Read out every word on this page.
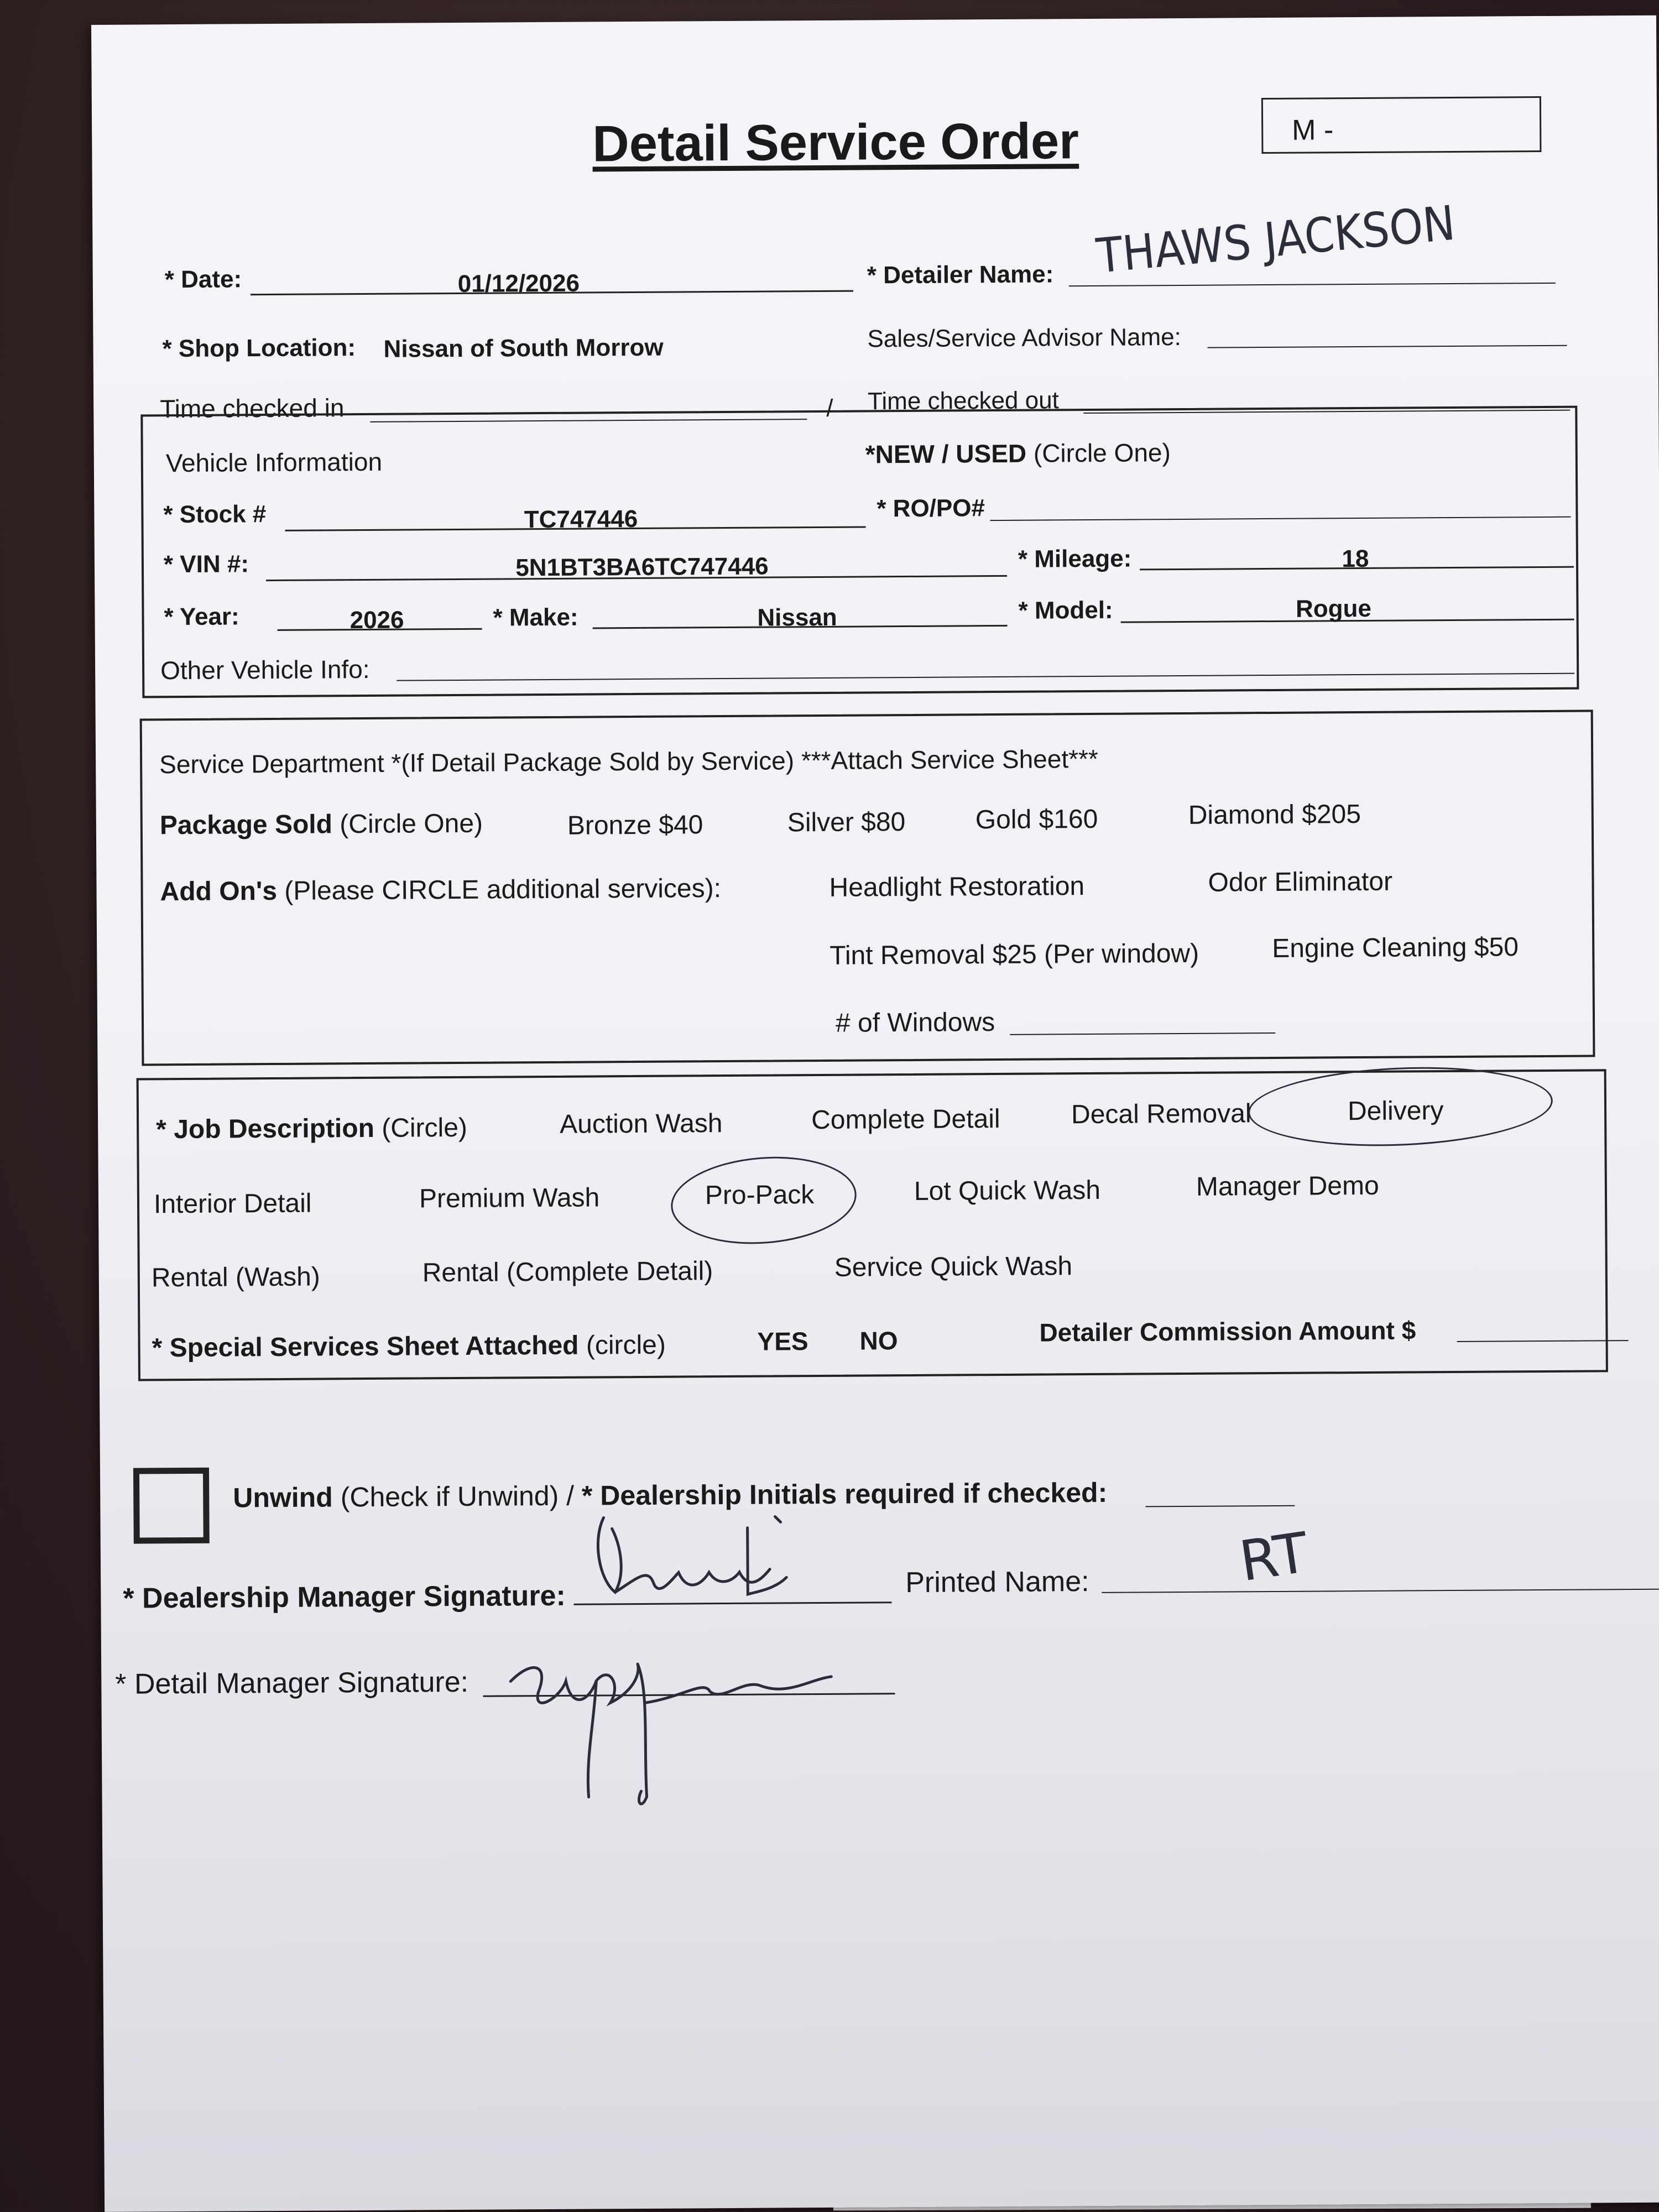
Detail Service Order	M -
* Date:	01/12/2026	* Detailer Name: THAWS JACKSON
* Shop Location: Nissan of South Morrow	Sales/Service Advisor Name:
Time checked in	/ Time checked out
Vehicle Information	*NEW / USED (Circle One)
* Stock #	TC747446	* RO/PO#
* VIN #:	5N1BT3BA6TC747446	* Mileage:	18
* Year:	2026	* Make:	Nissan	* Model:	Rogue
Other Vehicle Info:
Service Department *(If Detail Package Sold by Service) ***Attach Service Sheet***
Package Sold (Circle One)	Bronze $40	Silver $80	Gold $160	Diamond $205
Add On's (Please CIRCLE additional services):	Headlight Restoration	Odor Eliminator
Tint Removal $25 (Per window)	Engine Cleaning $50
# of Windows
* Job Description (Circle)	Auction Wash	Complete Detail	Decal Removal	Delivery
Interior Detail	Premium Wash	Pro-Pack	Lot Quick Wash	Manager Demo
Rental (Wash)	Rental (Complete Detail)	Service Quick Wash
* Special Services Sheet Attached (circle)	YES NO	Detailer Commission Amount $
Unwind (Check if Unwind) / * Dealership Initials required if checked:
* Dealership Manager Signature:	Printed Name:	RT
* Detail Manager Signature:
